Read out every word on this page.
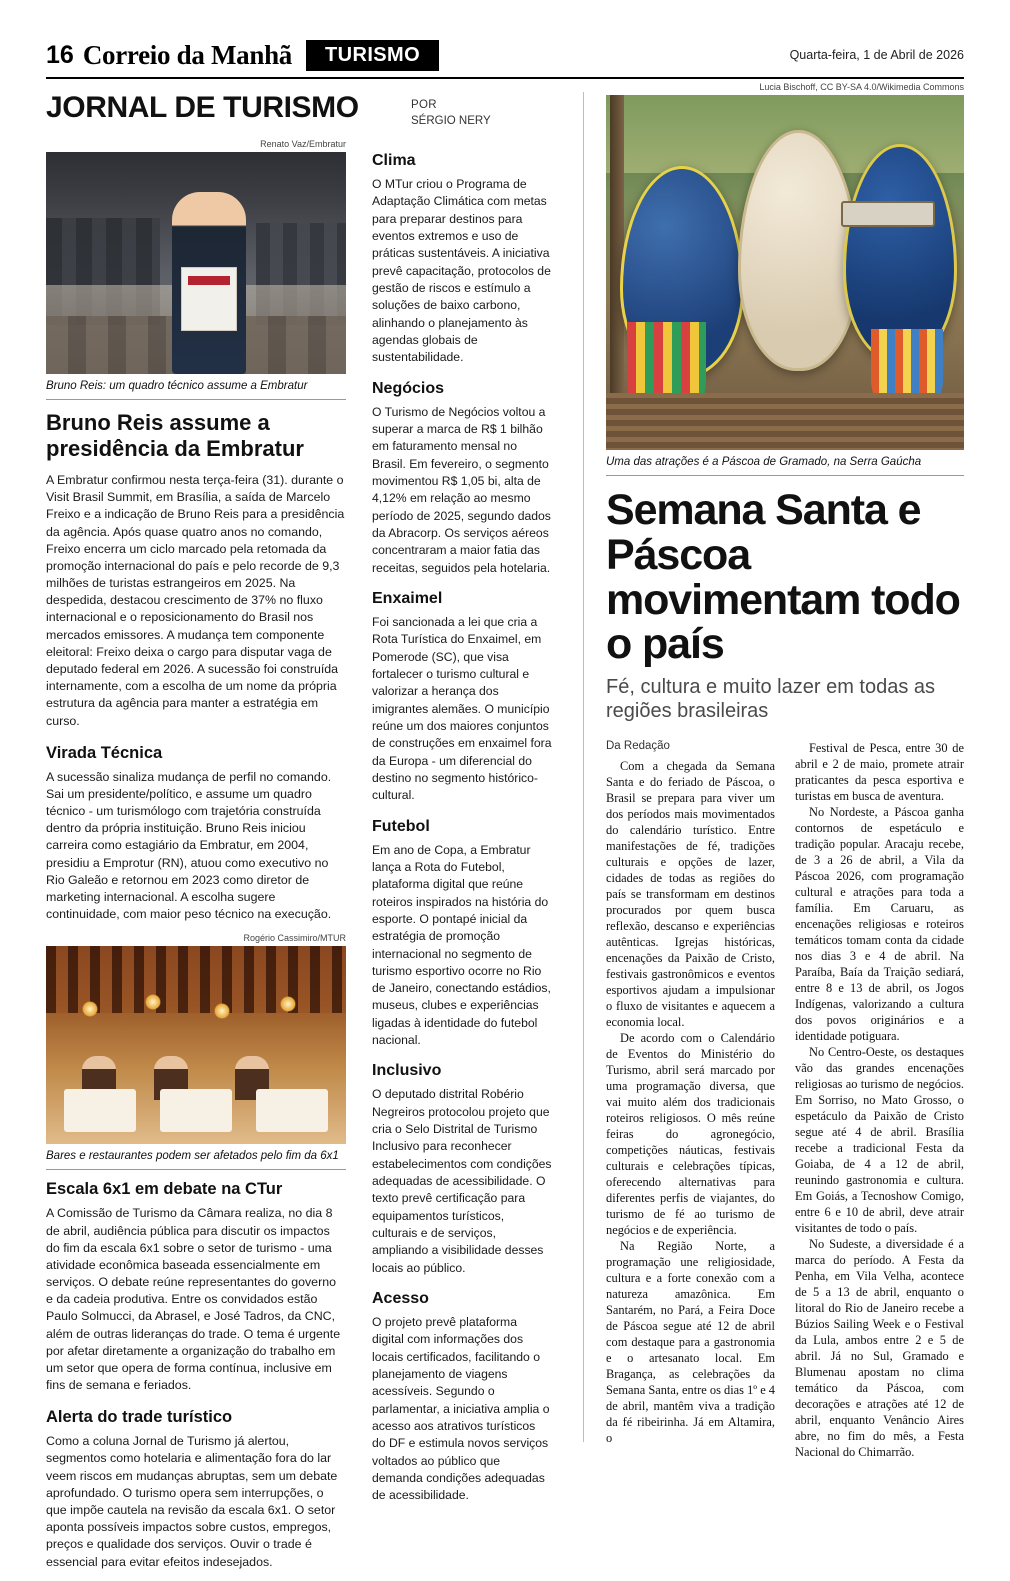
16 Correio da Manhã	TURISMO	Quarta-feira, 1 de Abril de 2026
JORNAL DE TURISMO	POR
SÉRGIO NERY
Renato Vaz/Embratur
Bruno Reis: um quadro técnico assume a Embratur
Bruno Reis assume a presidência da Embratur

A Embratur confirmou nesta terça-feira (31). durante o Visit Brasil Summit, em Brasília, a saída de Marcelo Freixo e a indicação de Bruno Reis para a presidência da agência. Após quase quatro anos no comando, Freixo encerra um ciclo marcado pela retomada da promoção internacional do país e pelo recorde de 9,3 milhões de turistas estrangeiros em 2025. Na despedida, destacou crescimento de 37% no fluxo internacional e o reposicionamento do Brasil nos mercados emissores. A mudança tem componente eleitoral: Freixo deixa o cargo para disputar vaga de deputado federal em 2026. A sucessão foi construída internamente, com a escolha de um nome da própria estrutura da agência para manter a estratégia em curso.

Virada Técnica

A sucessão sinaliza mudança de perfil no comando. Sai um presidente/político, e assume um quadro técnico - um turismólogo com trajetória construída dentro da própria instituição. Bruno Reis iniciou carreira como estagiário da Embratur, em 2004, presidiu a Emprotur (RN), atuou como executivo no Rio Galeão e retornou em 2023 como diretor de marketing internacional. A escolha sugere continuidade, com maior peso técnico na execução.

Rogério Cassimiro/MTUR
Bares e restaurantes podem ser afetados pelo fim da 6x1
Escala 6x1 em debate na CTur

A Comissão de Turismo da Câmara realiza, no dia 8 de abril, audiência pública para discutir os impactos do fim da escala 6x1 sobre o setor de turismo - uma atividade econômica baseada essencialmente em serviços. O debate reúne representantes do governo e da cadeia produtiva. Entre os convidados estão Paulo Solmucci, da Abrasel, e José Tadros, da CNC, além de outras lideranças do trade. O tema é urgente por afetar diretamente a organização do trabalho em um setor que opera de forma contínua, inclusive em fins de semana e feriados.

Alerta do trade turístico

Como a coluna Jornal de Turismo já alertou, segmentos como hotelaria e alimentação fora do lar veem riscos em mudanças abruptas, sem um debate aprofundado. O turismo opera sem interrupções, o que impõe cautela na revisão da escala 6x1. O setor aponta possíveis impactos sobre custos, empregos, preços e qualidade dos serviços. Ouvir o trade é essencial para evitar efeitos indesejados.

Clima

O MTur criou o Programa de Adaptação Climática com metas para preparar destinos para eventos extremos e uso de práticas sustentáveis. A iniciativa prevê capacitação, protocolos de gestão de riscos e estímulo a soluções de baixo carbono, alinhando o planejamento às agendas globais de sustentabilidade.

Negócios

O Turismo de Negócios voltou a superar a marca de R$ 1 bilhão em faturamento mensal no Brasil. Em fevereiro, o segmento movimentou R$ 1,05 bi, alta de 4,12% em relação ao mesmo período de 2025, segundo dados da Abracorp. Os serviços aéreos concentraram a maior fatia das receitas, seguidos pela hotelaria.

Enxaimel

Foi sancionada a lei que cria a Rota Turística do Enxaimel, em Pomerode (SC), que visa fortalecer o turismo cultural e valorizar a herança dos imigrantes alemães. O município reúne um dos maiores conjuntos de construções em enxaimel fora da Europa - um diferencial do destino no segmento histórico-cultural.

Futebol

Em ano de Copa, a Embratur lança a Rota do Futebol, plataforma digital que reúne roteiros inspirados na história do esporte. O pontapé inicial da estratégia de promoção internacional no segmento de turismo esportivo ocorre no Rio de Janeiro, conectando estádios, museus, clubes e experiências ligadas à identidade do futebol nacional.

Inclusivo

O deputado distrital Robério Negreiros protocolou projeto que cria o Selo Distrital de Turismo Inclusivo para reconhecer estabelecimentos com condições adequadas de acessibilidade. O texto prevê certificação para equipamentos turísticos, culturais e de serviços, ampliando a visibilidade desses locais ao público.

Acesso

O projeto prevê plataforma digital com informações dos locais certificados, facilitando o planejamento de viagens acessíveis. Segundo o parlamentar, a iniciativa amplia o acesso aos atrativos turísticos do DF e estimula novos serviços voltados ao público que demanda condições adequadas de acessibilidade.

Lucia Bischoff, CC BY-SA 4.0/Wikimedia Commons
Uma das atrações é a Páscoa de Gramado, na Serra Gaúcha
Semana Santa e Páscoa movimentam todo o país
Fé, cultura e muito lazer em todas as regiões brasileiras
Da Redação

Com a chegada da Semana Santa e do feriado de Páscoa, o Brasil se prepara para viver um dos períodos mais movimentados do calendário turístico. Entre manifestações de fé, tradições culturais e opções de lazer, cidades de todas as regiões do país se transformam em destinos procurados por quem busca reflexão, descanso e experiências autênticas. Igrejas históricas, encenações da Paixão de Cristo, festivais gastronômicos e eventos esportivos ajudam a impulsionar o fluxo de visitantes e aquecem a economia local.

De acordo com o Calendário de Eventos do Ministério do Turismo, abril será marcado por uma programação diversa, que vai muito além dos tradicionais roteiros religiosos. O mês reúne feiras do agronegócio, competições náuticas, festivais culturais e celebrações típicas, oferecendo alternativas para diferentes perfis de viajantes, do turismo de fé ao turismo de negócios e de experiência.

Na Região Norte, a programação une religiosidade, cultura e a forte conexão com a natureza amazônica. Em Santarém, no Pará, a Feira Doce de Páscoa segue até 12 de abril com destaque para a gastronomia e o artesanato local. Em Bragança, as celebrações da Semana Santa, entre os dias 1º e 4 de abril, mantêm viva a tradição da fé ribeirinha. Já em Altamira, o

Festival de Pesca, entre 30 de abril e 2 de maio, promete atrair praticantes da pesca esportiva e turistas em busca de aventura.

No Nordeste, a Páscoa ganha contornos de espetáculo e tradição popular. Aracaju recebe, de 3 a 26 de abril, a Vila da Páscoa 2026, com programação cultural e atrações para toda a família. Em Caruaru, as encenações religiosas e roteiros temáticos tomam conta da cidade nos dias 3 e 4 de abril. Na Paraíba, Baía da Traição sediará, entre 8 e 13 de abril, os Jogos Indígenas, valorizando a cultura dos povos originários e a identidade potiguara.

No Centro-Oeste, os destaques vão das grandes encenações religiosas ao turismo de negócios. Em Sorriso, no Mato Grosso, o espetáculo da Paixão de Cristo segue até 4 de abril. Brasília recebe a tradicional Festa da Goiaba, de 4 a 12 de abril, reunindo gastronomia e cultura. Em Goiás, a Tecnoshow Comigo, entre 6 e 10 de abril, deve atrair visitantes de todo o país.

No Sudeste, a diversidade é a marca do período. A Festa da Penha, em Vila Velha, acontece de 5 a 13 de abril, enquanto o litoral do Rio de Janeiro recebe a Búzios Sailing Week e o Festival da Lula, ambos entre 2 e 5 de abril. Já no Sul, Gramado e Blumenau apostam no clima temático da Páscoa, com decorações e atrações até 12 de abril, enquanto Venâncio Aires abre, no fim do mês, a Festa Nacional do Chimarrão.
